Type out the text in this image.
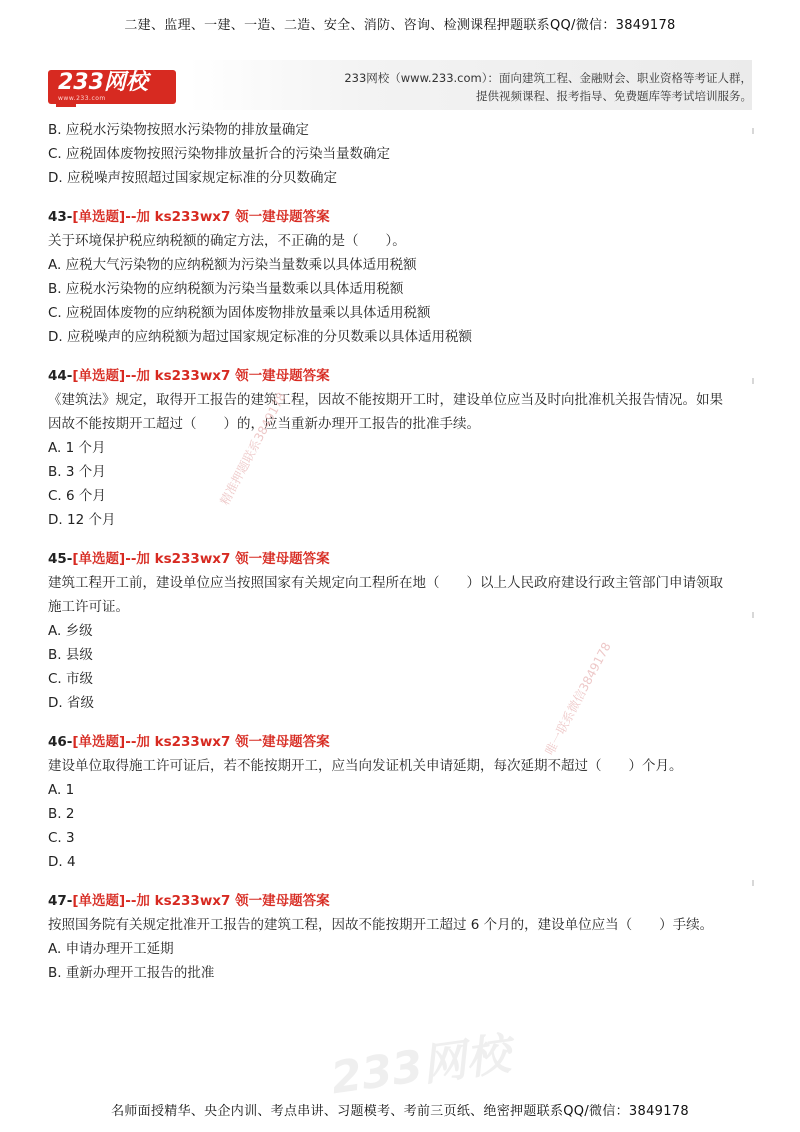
二建、监理、一建、一造、二造、安全、消防、咨询、检测课程押题联系QQ/微信：3849178
233网校
www.233.com
233网校（www.233.com）：面向建筑工程、金融财会、职业资格等考证人群，
提供视频课程、报考指导、免费题库等考试培训服务。
B. 应税水污染物按照水污染物的排放量确定
C. 应税固体废物按照污染物排放量折合的污染当量数确定
D. 应税噪声按照超过国家规定标准的分贝数确定
43-[单选题]--加 ks233wx7 领一建母题答案
关于环境保护税应纳税额的确定方法，不正确的是（　　）。
A. 应税大气污染物的应纳税额为污染当量数乘以具体适用税额
B. 应税水污染物的应纳税额为污染当量数乘以具体适用税额
C. 应税固体废物的应纳税额为固体废物排放量乘以具体适用税额
D. 应税噪声的应纳税额为超过国家规定标准的分贝数乘以具体适用税额
44-[单选题]--加 ks233wx7 领一建母题答案
《建筑法》规定，取得开工报告的建筑工程，因故不能按期开工时，建设单位应当及时向批准机关报告情况。如果
因故不能按期开工超过（　　）的，应当重新办理开工报告的批准手续。
A. 1 个月
B. 3 个月
C. 6 个月
D. 12 个月
45-[单选题]--加 ks233wx7 领一建母题答案
建筑工程开工前，建设单位应当按照国家有关规定向工程所在地（　　）以上人民政府建设行政主管部门申请领取
施工许可证。
A. 乡级
B. 县级
C. 市级
D. 省级
46-[单选题]--加 ks233wx7 领一建母题答案
建设单位取得施工许可证后，若不能按期开工，应当向发证机关申请延期，每次延期不超过（　　）个月。
A. 1
B. 2
C. 3
D. 4
47-[单选题]--加 ks233wx7 领一建母题答案
按照国务院有关规定批准开工报告的建筑工程，因故不能按期开工超过 6 个月的，建设单位应当（　　）手续。
A. 申请办理开工延期
B. 重新办理开工报告的批准
精准押题联系3849178
唯一联系微信3849178
233网校
名师面授精华、央企内训、考点串讲、习题模考、考前三页纸、绝密押题联系QQ/微信：3849178
